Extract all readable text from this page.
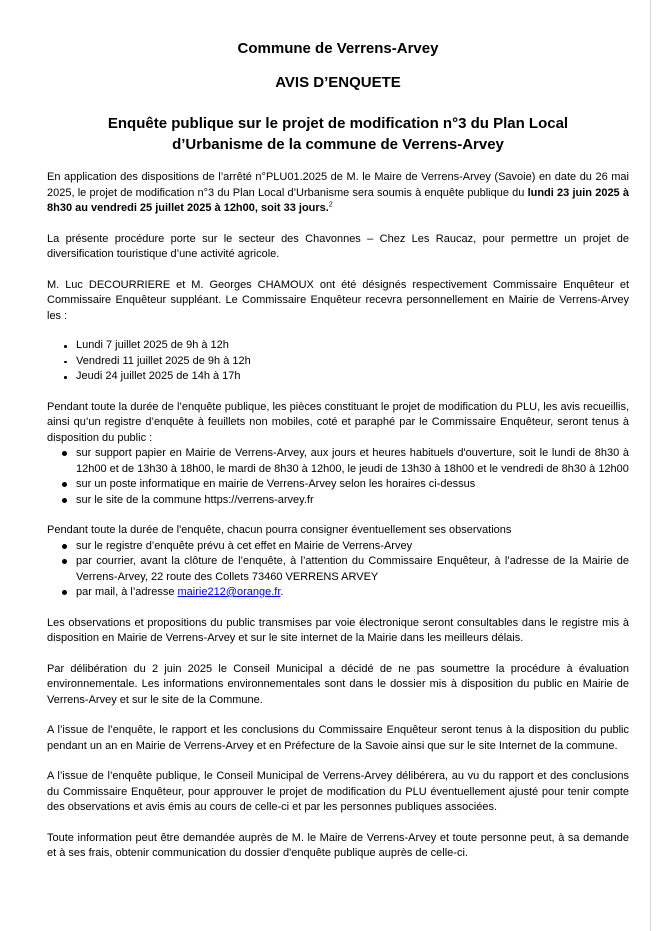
Commune de Verrens-Arvey
AVIS D’ENQUETE
Enquête publique sur le projet de modification n°3 du Plan Local
d’Urbanisme de la commune de Verrens-Arvey

En application des dispositions de l’arrêté n°PLU01.2025 de M. le Maire de Verrens-Arvey (Savoie) en date du 26 mai 2025, le projet de modification n°3 du Plan Local d’Urbanisme sera soumis à enquête publique du lundi 23 juin 2025 à 8h30 au vendredi 25 juillet 2025 à 12h00, soit 33 jours.$^2$

La présente procédure porte sur le secteur des Chavonnes – Chez Les Raucaz, pour permettre un projet de diversification touristique d’une activité agricole.

M. Luc DECOURRIERE et M. Georges CHAMOUX ont été désignés respectivement Commissaire Enquêteur et Commissaire Enquêteur suppléant. Le Commissaire Enquêteur recevra personnellement en Mairie de Verrens-Arvey les :

Lundi 7 juillet 2025 de 9h à 12h
Vendredi 11 juillet 2025 de 9h à 12h
Jeudi 24 juillet 2025 de 14h à 17h

Pendant toute la durée de l’enquête publique, les pièces constituant le projet de modification du PLU, les avis recueillis, ainsi qu’un registre d’enquête à feuillets non mobiles, coté et paraphé par le Commissaire Enquêteur, seront tenus à disposition du public :

sur support papier en Mairie de Verrens-Arvey, aux jours et heures habituels d'ouverture, soit le lundi de 8h30 à 12h00 et de 13h30 à 18h00, le mardi de 8h30 à 12h00, le jeudi de 13h30 à 18h00 et le vendredi de 8h30 à 12h00
sur un poste informatique en mairie de Verrens-Arvey selon les horaires ci-dessus
sur le site de la commune https://verrens-arvey.fr

Pendant toute la durée de l'enquête, chacun pourra consigner éventuellement ses observations

sur le registre d’enquête prévu à cet effet en Mairie de Verrens-Arvey
par courrier, avant la clôture de l’enquête, à l’attention du Commissaire Enquêteur, à l’adresse de la Mairie de Verrens-Arvey, 22 route des Collets 73460 VERRENS ARVEY
par mail, à l’adresse mairie212@orange.fr.

Les observations et propositions du public transmises par voie électronique seront consultables dans le registre mis à disposition en Mairie de Verrens-Arvey et sur le site internet de la Mairie dans les meilleurs délais.

Par délibération du 2 juin 2025 le Conseil Municipal a décidé de ne pas soumettre la procédure à évaluation environnementale. Les informations environnementales sont dans le dossier mis à disposition du public en Mairie de Verrens-Arvey et sur le site de la Commune.

A l’issue de l’enquête, le rapport et les conclusions du Commissaire Enquêteur seront tenus à la disposition du public pendant un an en Mairie de Verrens-Arvey et en Préfecture de la Savoie ainsi que sur le site Internet de la commune.

A l’issue de l’enquête publique, le Conseil Municipal de Verrens-Arvey délibérera, au vu du rapport et des conclusions du Commissaire Enquêteur, pour approuver le projet de modification du PLU éventuellement ajusté pour tenir compte des observations et avis émis au cours de celle-ci et par les personnes publiques associées.

Toute information peut être demandée auprès de M. le Maire de Verrens-Arvey et toute personne peut, à sa demande et à ses frais, obtenir communication du dossier d'enquête publique auprès de celle-ci.
